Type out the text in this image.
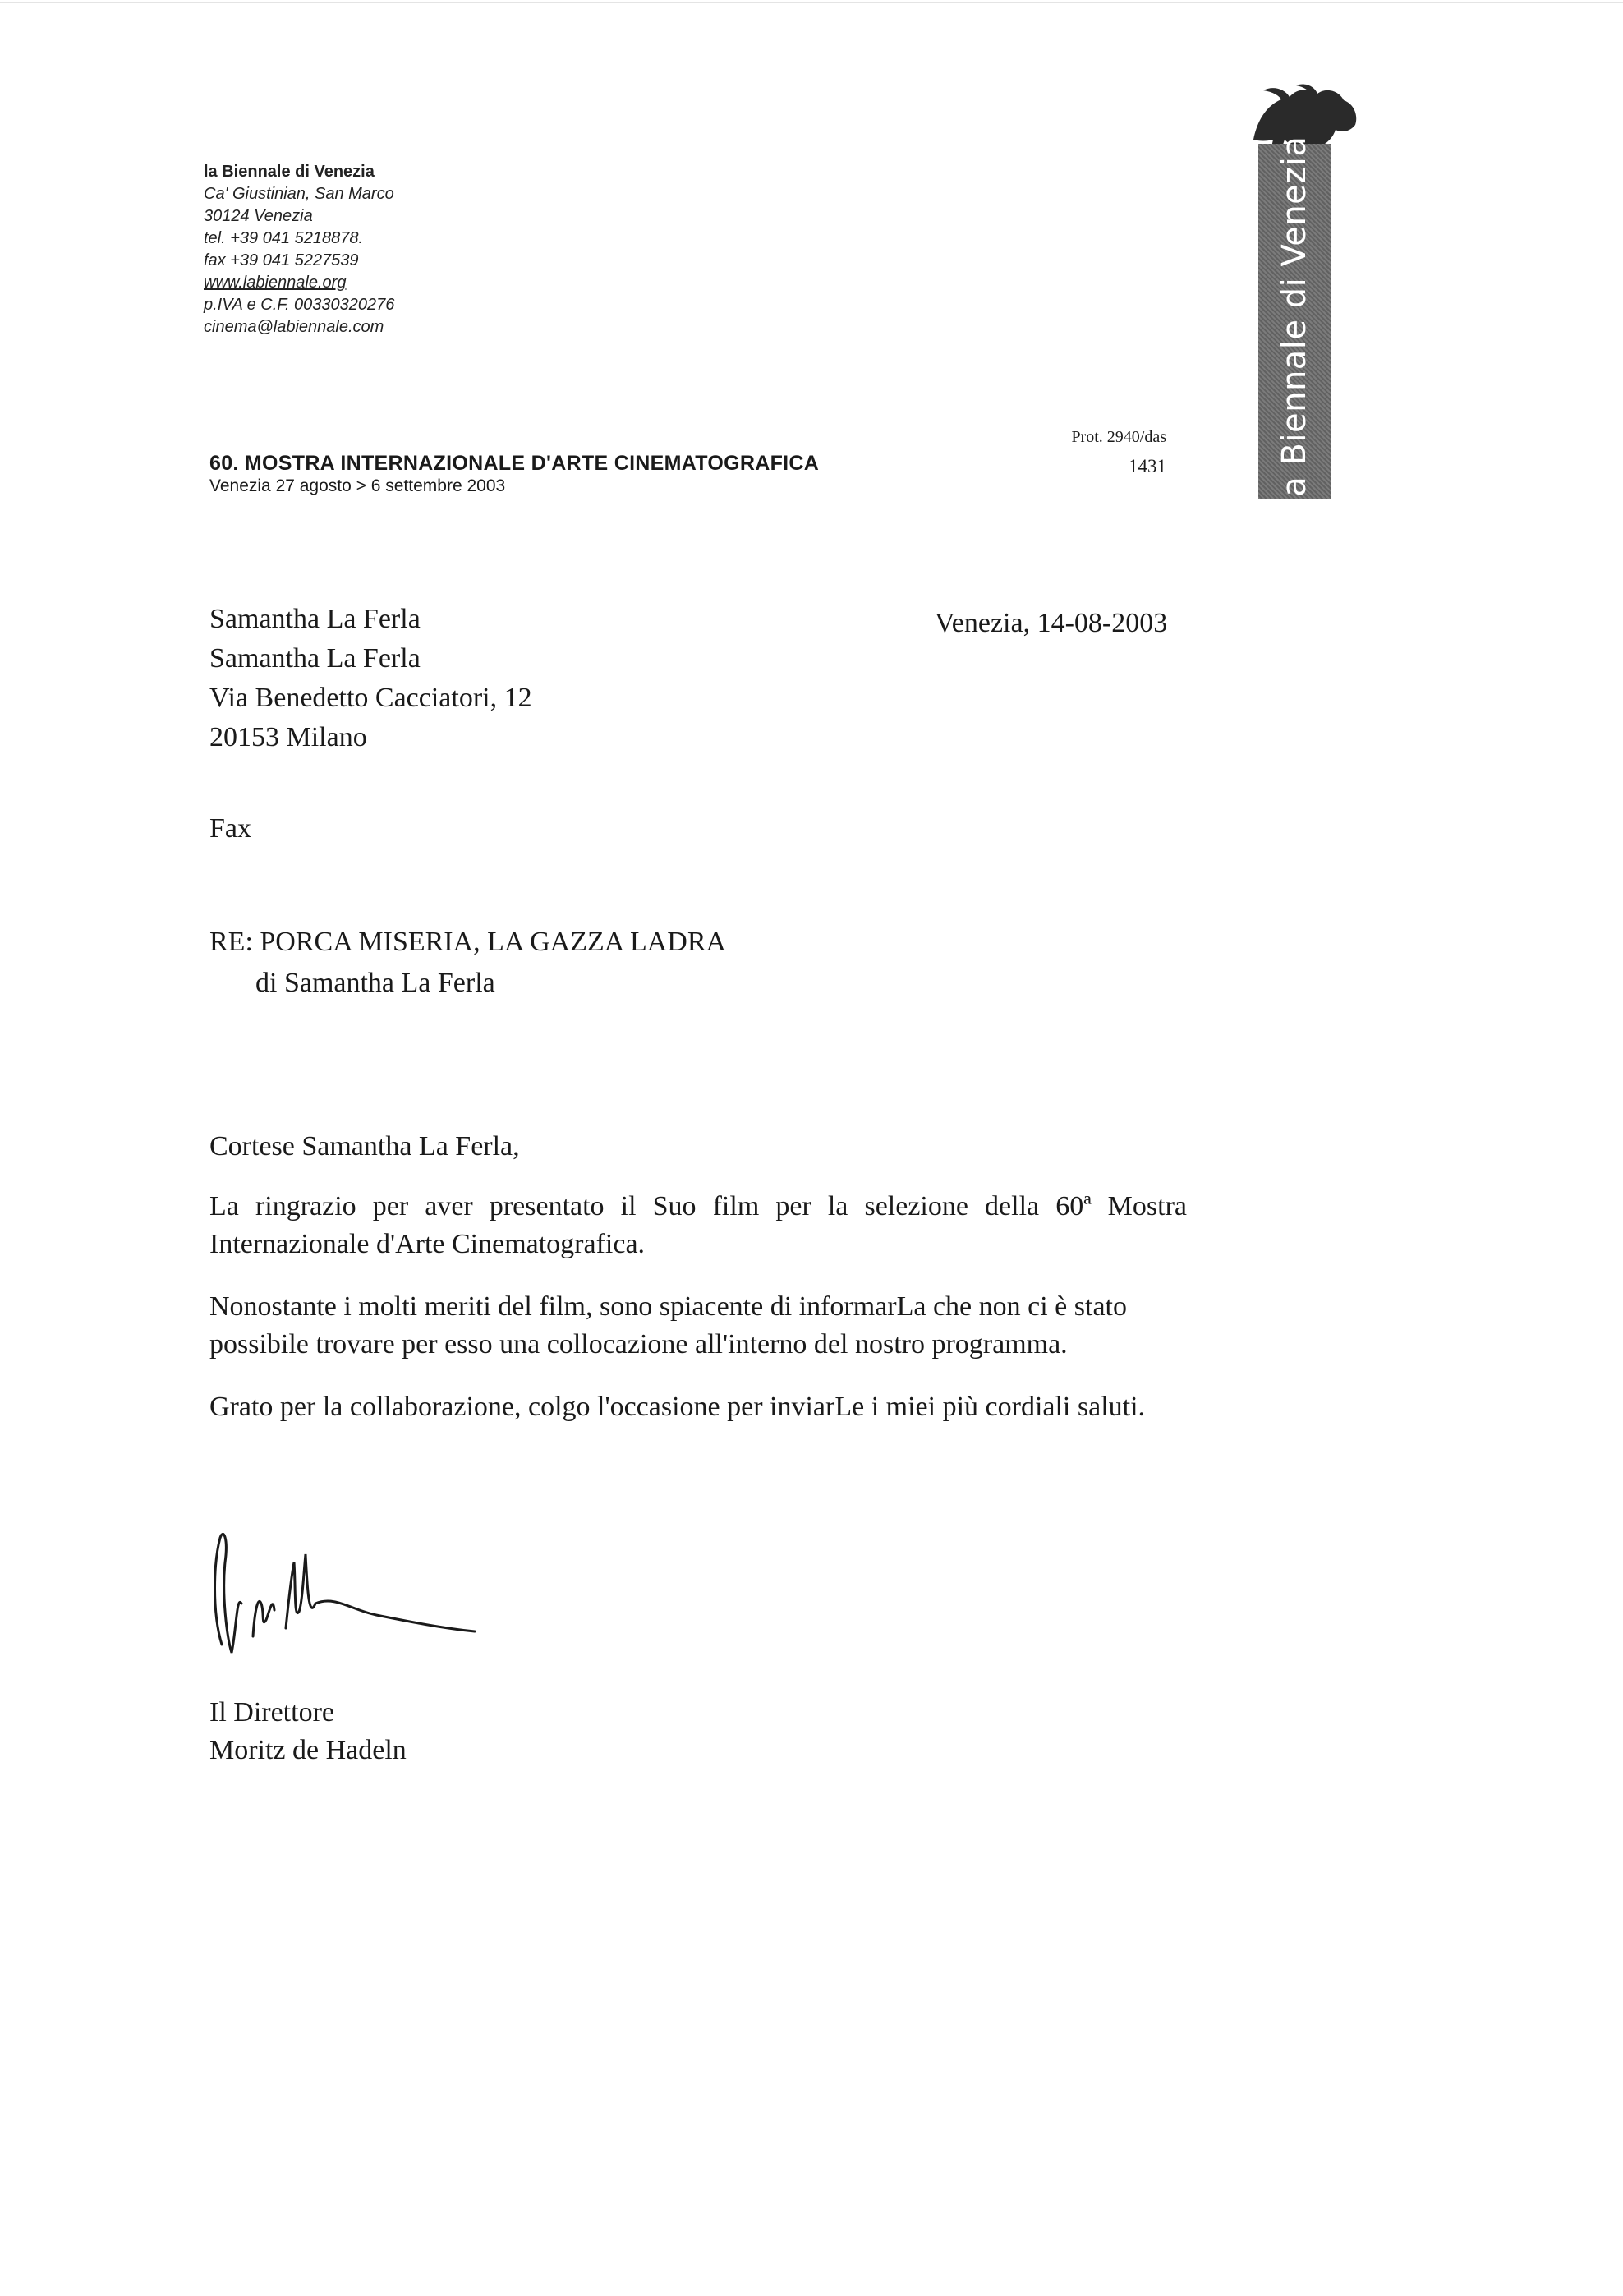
la Biennale di Venezia
Ca' Giustinian, San Marco
30124 Venezia
tel. +39 041 5218878.
fax +39 041 5227539
www.labiennale.org
p.IVA e C.F. 00330320276
cinema@labiennale.com	la Biennale di Venezia
60. MOSTRA INTERNAZIONALE D'ARTE CINEMATOGRAFICA
Venezia 27 agosto > 6 settembre 2003
Prot. 2940/das
1431
Samantha La Ferla
Samantha La Ferla
Via Benedetto Cacciatori, 12
20153 Milano
Venezia, 14-08-2003
Fax
RE: PORCA MISERIA, LA GAZZA LADRA
di Samantha La Ferla
Cortese Samantha La Ferla,
La ringrazio per aver presentato il Suo film per la selezione della 60ª Mostra Internazionale d'Arte Cinematografica.
Nonostante i molti meriti del film, sono spiacente di informarLa che non ci è stato possibile trovare per esso una collocazione all'interno del nostro programma.
Grato per la collaborazione, colgo l'occasione per inviarLe i miei più cordiali saluti.
Il Direttore
Moritz de Hadeln
